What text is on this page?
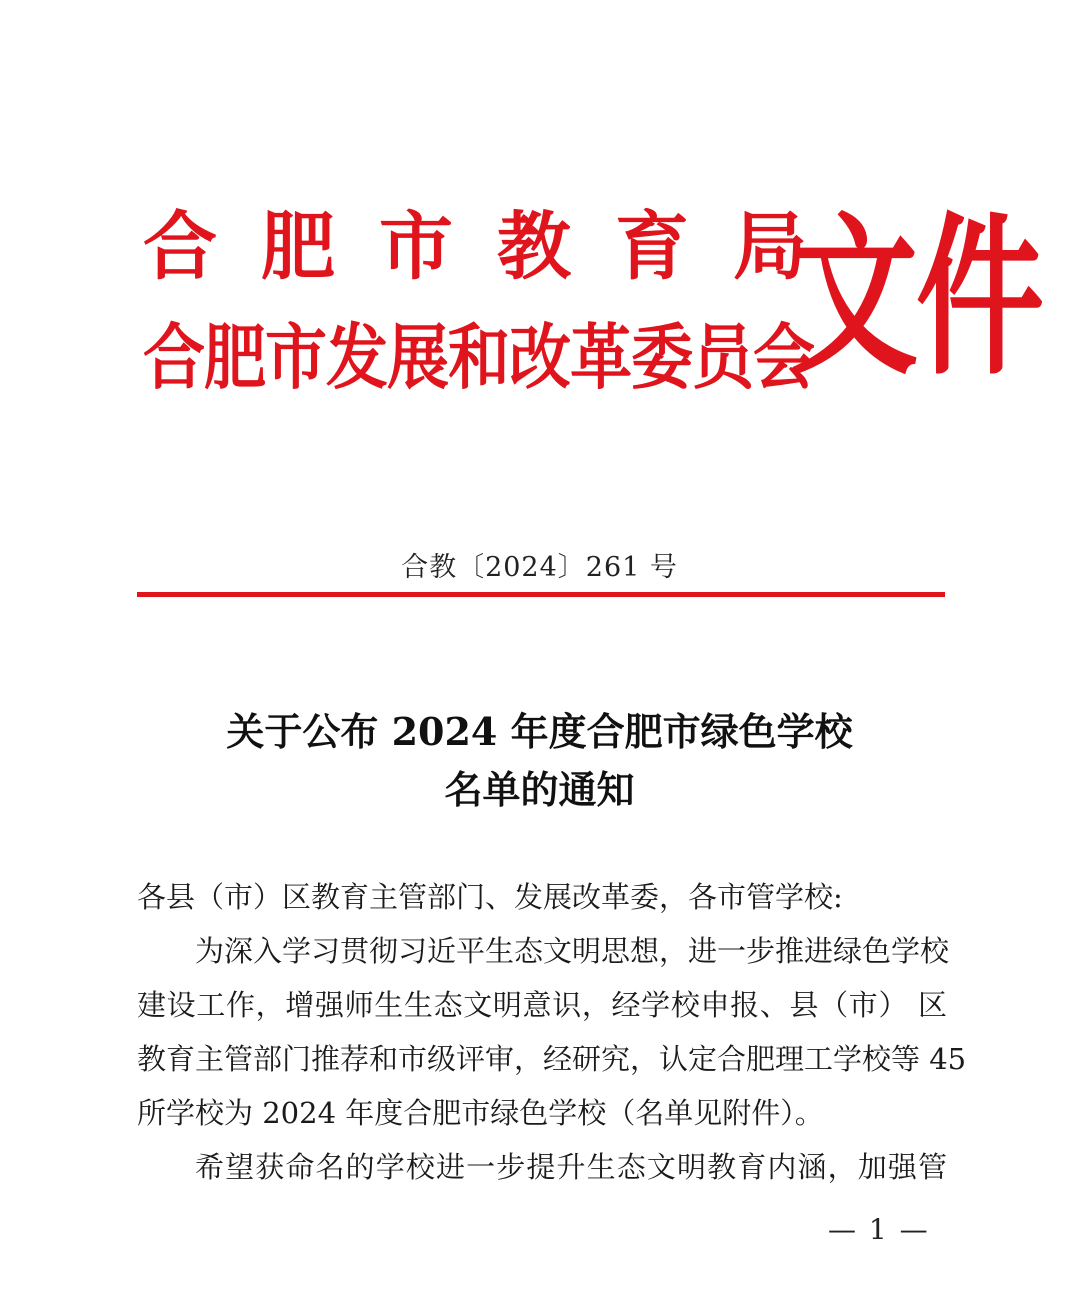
合肥市教育局
合肥市发展和改革委员会
文件
合教〔2024〕261 号
关于公布 2024 年度合肥市绿色学校
名单的通知
各县（市）区教育主管部门、发展改革委，各市管学校:
为深入学习贯彻习近平生态文明思想，进一步推进绿色学校
建设工作，增强师生生态文明意识，经学校申报、县（市） 区
教育主管部门推荐和市级评审，经研究，认定合肥理工学校等 45
所学校为 2024 年度合肥市绿色学校（名单见附件）。
希望获命名的学校进一步提升生态文明教育内涵，加强管
— 1 —
